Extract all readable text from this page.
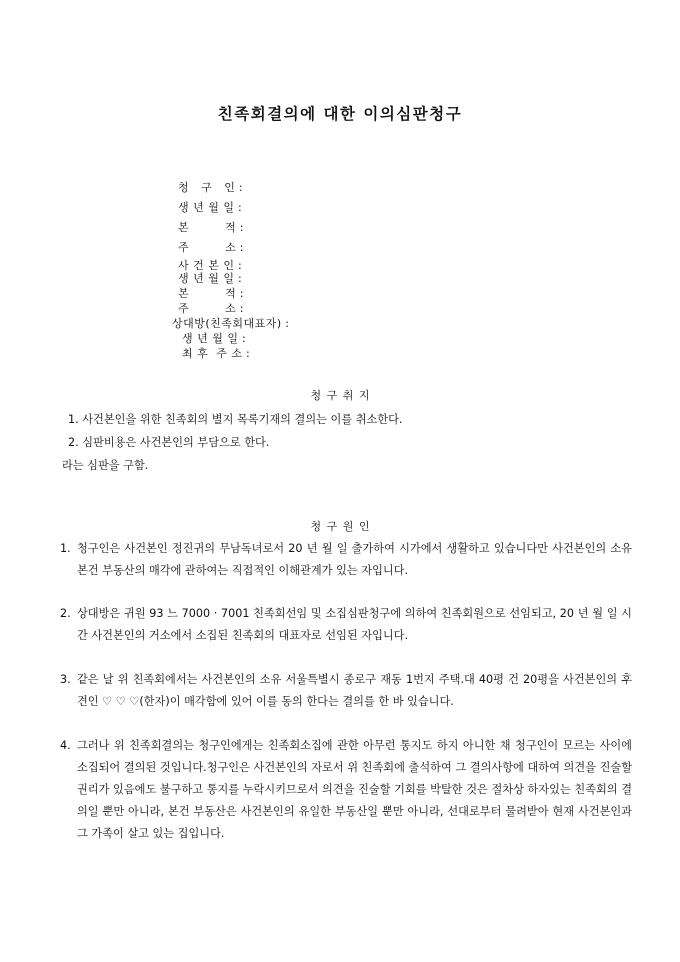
친족회결의에 대한 이의심판청구
청   구   인 :
생 년 월 일 :
본         적 :
주         소 :
사 건 본 인 :
생 년 월 일 :
본         적 :
주         소 :
상대방(친족회대표자) :
생 년 월 일 :
최 후  주 소 :
청 구 취 지
1. 사건본인을 위한 친족회의 별지 목록기재의 결의는 이를 취소한다.
2. 심판비용은 사건본인의 부담으로 한다.
라는 심판을 구함.
청 구 원 인
1. 청구인은 사건본인 정진귀의 무남독녀로서 20 년 월 일 출가하여 시가에서 생활하고 있습니다만 사건본인의 소유 본건 부동산의 매각에 관하여는 직접적인 이해관계가 있는 자입니다.
2. 상대방은 귀원 93 느 7000 · 7001 친족회선임 및 소집심판청구에 의하여 친족회원으로 선임되고, 20 년 월 일 시간 사건본인의 거소에서 소집된 친족회의 대표자로 선임된 자입니다.
3. 같은 날 위 친족회에서는 사건본인의 소유 서울특별시 종로구 재동 1번지 주택.대 40평 건 20평을 사건본인의 후견인 ♡ ♡ ♡(한자)이 매각함에 있어 이를 동의 한다는 결의를 한 바 있습니다.
4. 그러나 위 친족회결의는 청구인에게는 친족회소집에 관한 아무런 통지도 하지 아니한 채 청구인이 모르는 사이에 소집되어 결의된 것입니다.청구인은 사건본인의 자로서 위 친족회에 출석하여 그 결의사항에 대하여 의견을 진술할 권리가 있음에도 불구하고 통지를 누락시키므로서 의견을 진술할 기회를 박탈한 것은 절차상 하자있는 친족회의 결의일 뿐만 아니라, 본건 부동산은 사건본인의 유일한 부동산일 뿐만 아니라, 선대로부터 물려받아 현재 사건본인과 그 가족이 살고 있는 집입니다.
